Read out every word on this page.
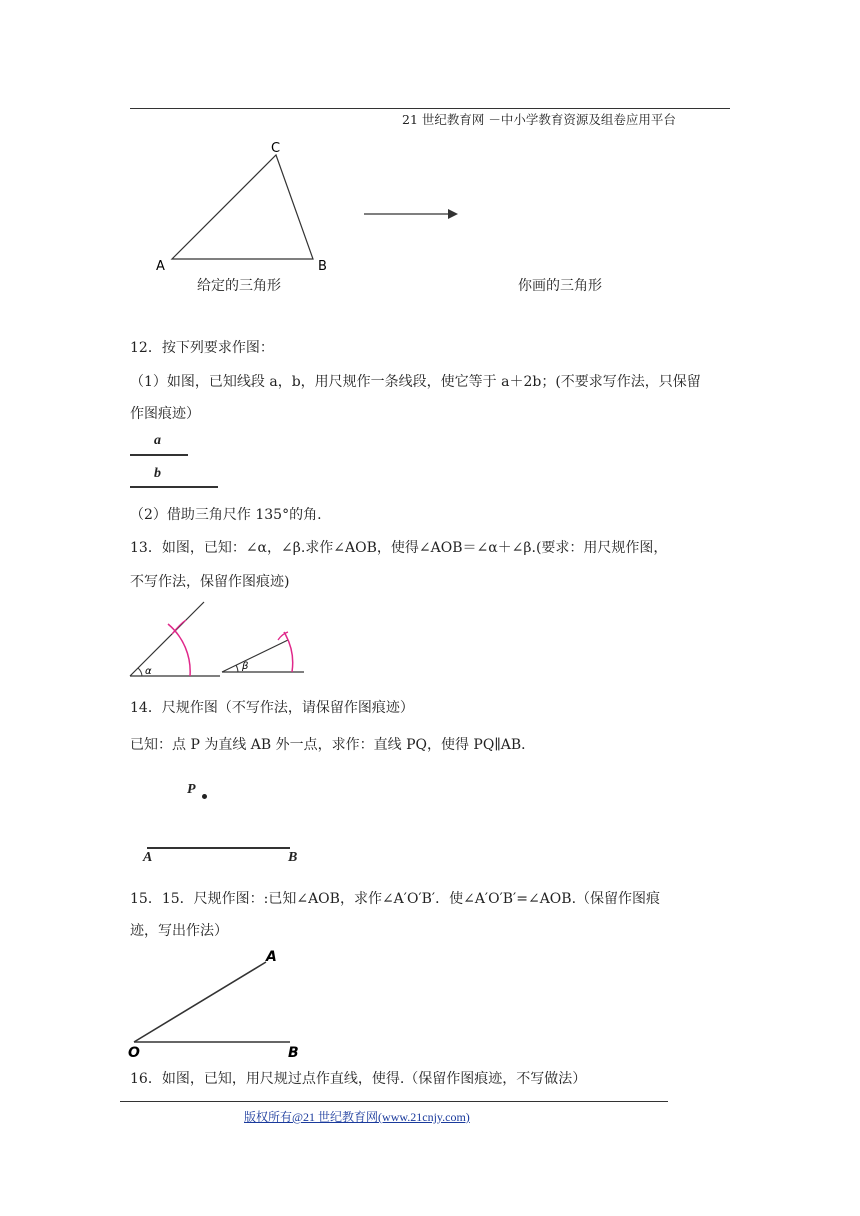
21 世纪教育网 －中小学教育资源及组卷应用平台
C
A	B
给定的三角形	你画的三角形
12．按下列要求作图：
（1）如图，已知线段 a，b，用尺规作一条线段，使它等于 a＋2b；(不要求写作法，只保留
作图痕迹）
a
b
（2）借助三角尺作 135°的角.
13．如图，已知：∠α，∠β.求作∠AOB，使得∠AOB＝∠α＋∠β.(要求：用尺规作图，
不写作法，保留作图痕迹)
α	β
14．尺规作图（不写作法，请保留作图痕迹）
已知：点 P 为直线 AB 外一点，求作：直线 PQ，使得 PQ∥AB．
P
A	B
15．15．尺规作图：:已知∠AOB，求作∠A′O′B′．使∠A′O′B′=∠AOB.（保留作图痕
迹，写出作法）
A
O	B
16．如图，已知，用尺规过点作直线，使得.（保留作图痕迹，不写做法）
版权所有@21 世纪教育网(www.21cnjy.com)
